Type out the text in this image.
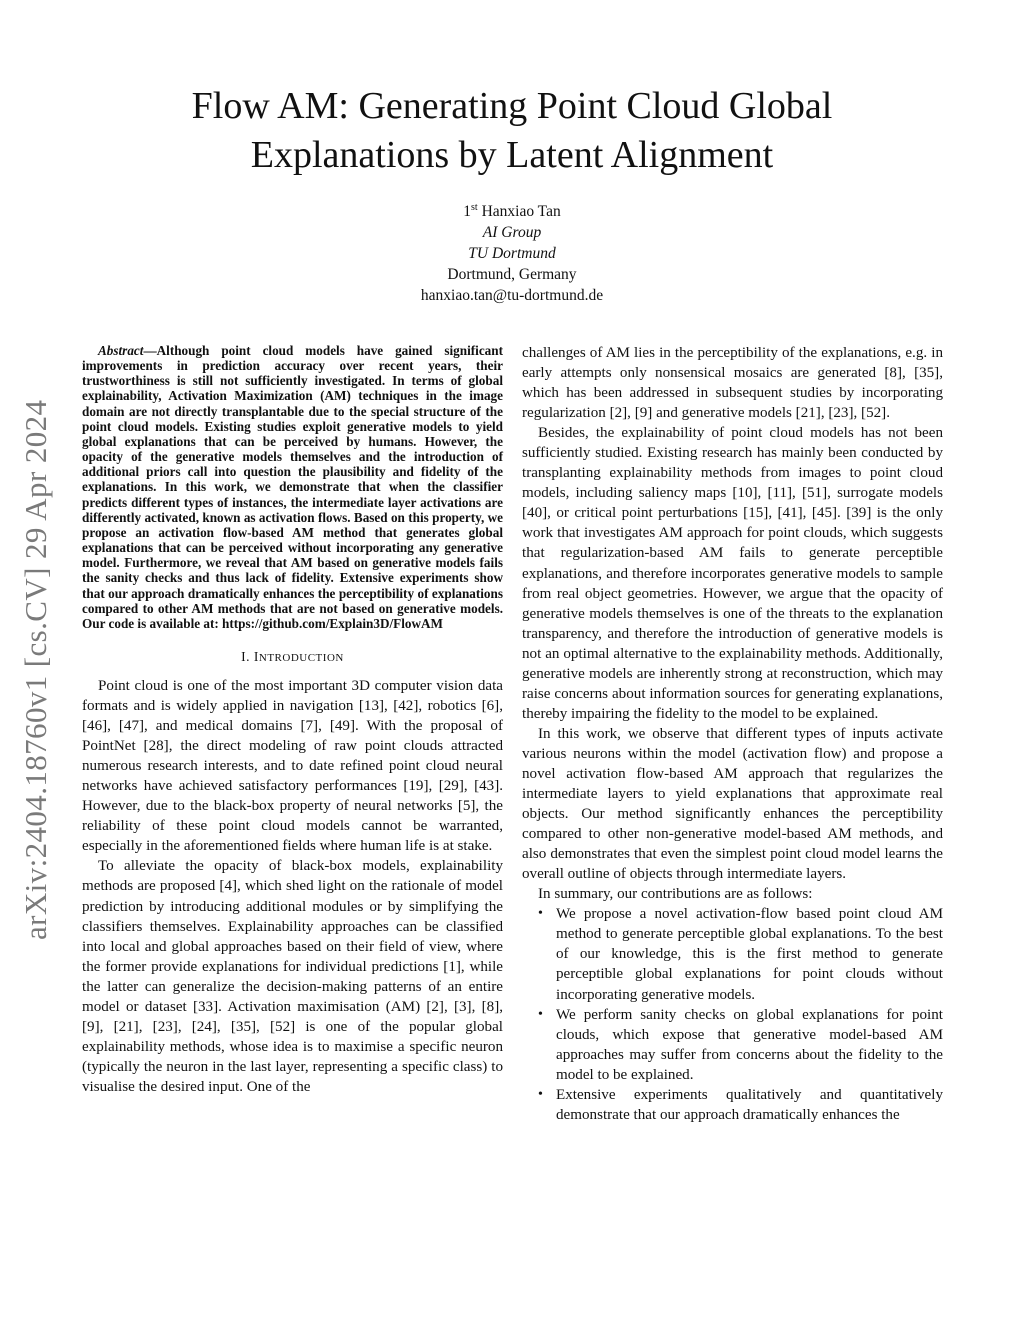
arXiv:2404.18760v1 [cs.CV] 29 Apr 2024
Flow AM: Generating Point Cloud Global
Explanations by Latent Alignment
1st Hanxiao Tan
AI Group
TU Dortmund
Dortmund, Germany
hanxiao.tan@tu-dortmund.de

Abstract—Although point cloud models have gained significant improvements in prediction accuracy over recent years, their trustworthiness is still not sufficiently investigated. In terms of global explainability, Activation Maximization (AM) techniques in the image domain are not directly transplantable due to the special structure of the point cloud models. Existing studies exploit generative models to yield global explanations that can be perceived by humans. However, the opacity of the generative models themselves and the introduction of additional priors call into question the plausibility and fidelity of the explanations. In this work, we demonstrate that when the classifier predicts different types of instances, the intermediate layer activations are differently activated, known as activation flows. Based on this property, we propose an activation flow-based AM method that generates global explanations that can be perceived without incorporating any generative model. Furthermore, we reveal that AM based on generative models fails the sanity checks and thus lack of fidelity. Extensive experiments show that our approach dramatically enhances the perceptibility of explanations compared to other AM methods that are not based on generative models. Our code is available at: https://github.com/Explain3D/FlowAM

I. INTRODUCTION

Point cloud is one of the most important 3D computer vision data formats and is widely applied in navigation [13], [42], robotics [6], [46], [47], and medical domains [7], [49]. With the proposal of PointNet [28], the direct modeling of raw point clouds attracted numerous research interests, and to date refined point cloud neural networks have achieved satisfactory performances [19], [29], [43]. However, due to the black-box property of neural networks [5], the reliability of these point cloud models cannot be warranted, especially in the aforementioned fields where human life is at stake.

To alleviate the opacity of black-box models, explainability methods are proposed [4], which shed light on the rationale of model prediction by introducing additional modules or by simplifying the classifiers themselves. Explainability approaches can be classified into local and global approaches based on their field of view, where the former provide explanations for individual predictions [1], while the latter can generalize the decision-making patterns of an entire model or dataset [33]. Activation maximisation (AM) [2], [3], [8], [9], [21], [23], [24], [35], [52] is one of the popular global explainability methods, whose idea is to maximise a specific neuron (typically the neuron in the last layer, representing a specific class) to visualise the desired input. One of the

challenges of AM lies in the perceptibility of the explanations, e.g. in early attempts only nonsensical mosaics are generated [8], [35], which has been addressed in subsequent studies by incorporating regularization [2], [9] and generative models [21], [23], [52].

Besides, the explainability of point cloud models has not been sufficiently studied. Existing research has mainly been conducted by transplanting explainability methods from images to point cloud models, including saliency maps [10], [11], [51], surrogate models [40], or critical point perturbations [15], [41], [45]. [39] is the only work that investigates AM approach for point clouds, which suggests that regularization-based AM fails to generate perceptible explanations, and therefore incorporates generative models to sample from real object geometries. However, we argue that the opacity of generative models themselves is one of the threats to the explanation transparency, and therefore the introduction of generative models is not an optimal alternative to the explainability methods. Additionally, generative models are inherently strong at reconstruction, which may raise concerns about information sources for generating explanations, thereby impairing the fidelity to the model to be explained.

In this work, we observe that different types of inputs activate various neurons within the model (activation flow) and propose a novel activation flow-based AM approach that regularizes the intermediate layers to yield explanations that approximate real objects. Our method significantly enhances the perceptibility compared to other non-generative model-based AM methods, and also demonstrates that even the simplest point cloud model learns the overall outline of objects through intermediate layers.

In summary, our contributions are as follows:

• We propose a novel activation-flow based point cloud AM method to generate perceptible global explanations. To the best of our knowledge, this is the first method to generate perceptible global explanations for point clouds without incorporating generative models.
• We perform sanity checks on global explanations for point clouds, which expose that generative model-based AM approaches may suffer from concerns about the fidelity to the model to be explained.
• Extensive experiments qualitatively and quantitatively demonstrate that our approach dramatically enhances the
